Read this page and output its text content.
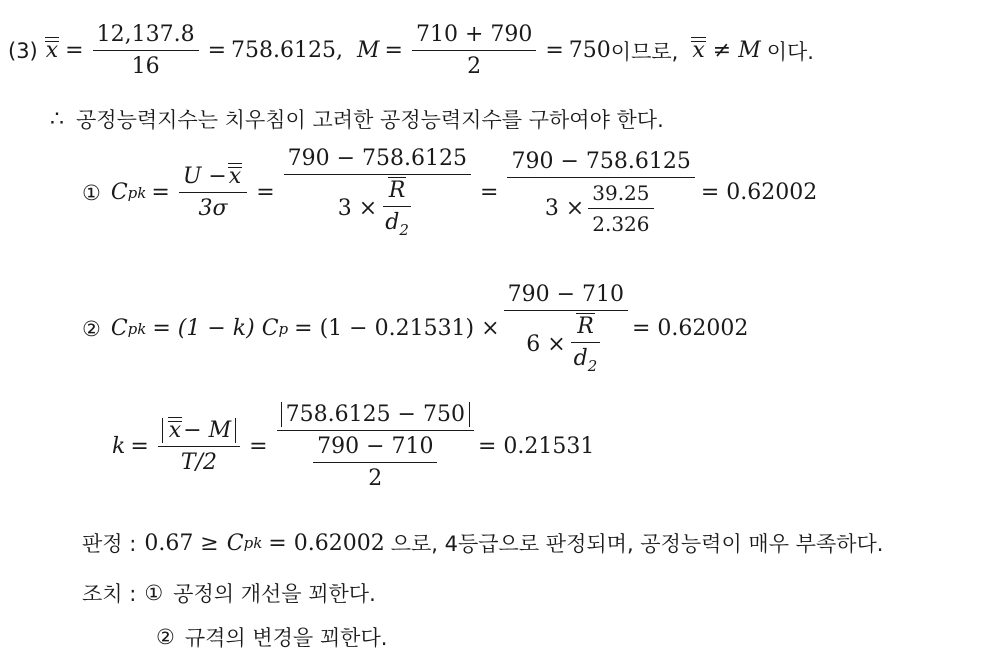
(3) $x = \frac{12,137.8}{16} = 758.6125$, $M = \frac{710 + 790}{2} = 750$ 이므로, x ≠ M 이다.
∴ 공정능력지수는 치우침이 고려한 공정능력지수를 구하여야 한다.
① C pk = $\frac{U -x}{3\sigma} = \frac{790 - 758.6125}{3 \times \frac{R}{d_2}} = \frac{790 - 758.6125}{3 \times \frac{39.25}{2.326}} = 0.62002$
② C pk = (1 − k) C $p = (1 - 0.21531) \times \frac{790 - 710}{6 \times \frac{R}{d_2}} = 0.62002$
$k = \frac{x- M}{T/2} = \frac{758.6125 - 750}{\frac{790 - 710}{2}} = 0.21531$
판정 : 0.67 ≥ C pk = 0.62002 으로, 4등급으로 판정되며, 공정능력이 매우 부족하다.
조치 : ① 공정의 개선을 꾀한다.
② 규격의 변경을 꾀한다.
